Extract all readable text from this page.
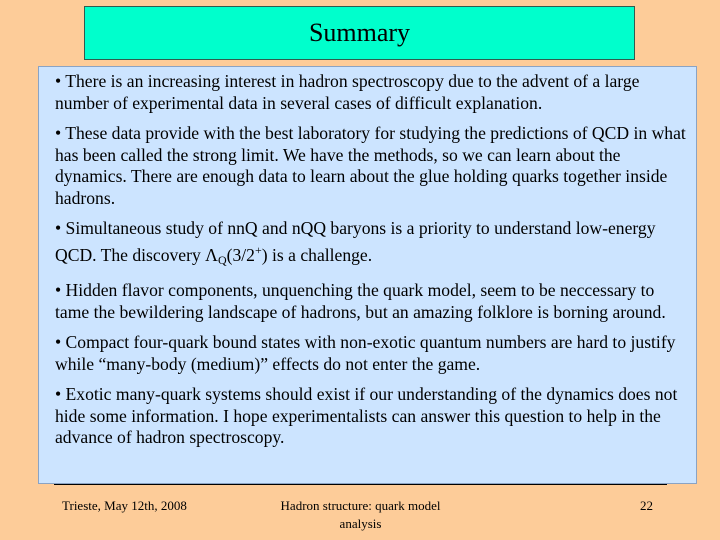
Summary

• There is an increasing interest in hadron spectroscopy due to the advent of a large number of experimental data in several cases of difficult explanation.

• These data provide with the best laboratory for studying the predictions of QCD in what has been called the strong limit. We have the methods, so we can learn about the dynamics. There are enough data to learn about the glue holding quarks together inside hadrons.

• Simultaneous study of nnQ and nQQ baryons is a priority to understand low-energy QCD. The discovery $\Lambda_Q(3/2^+)$ is a challenge.

• Hidden flavor components, unquenching the quark model, seem to be neccessary to tame the bewildering landscape of hadrons, but an amazing folklore is borning around.

• Compact four-quark bound states with non-exotic quantum numbers are hard to justify while “many-body (medium)” effects do not enter the game.

• Exotic many-quark systems should exist if our understanding of the dynamics does not hide some information. I hope experimentalists can answer this question to help in the advance of hadron spectroscopy.

Trieste, May 12th, 2008	Hadron structure: quark model analysis
22
